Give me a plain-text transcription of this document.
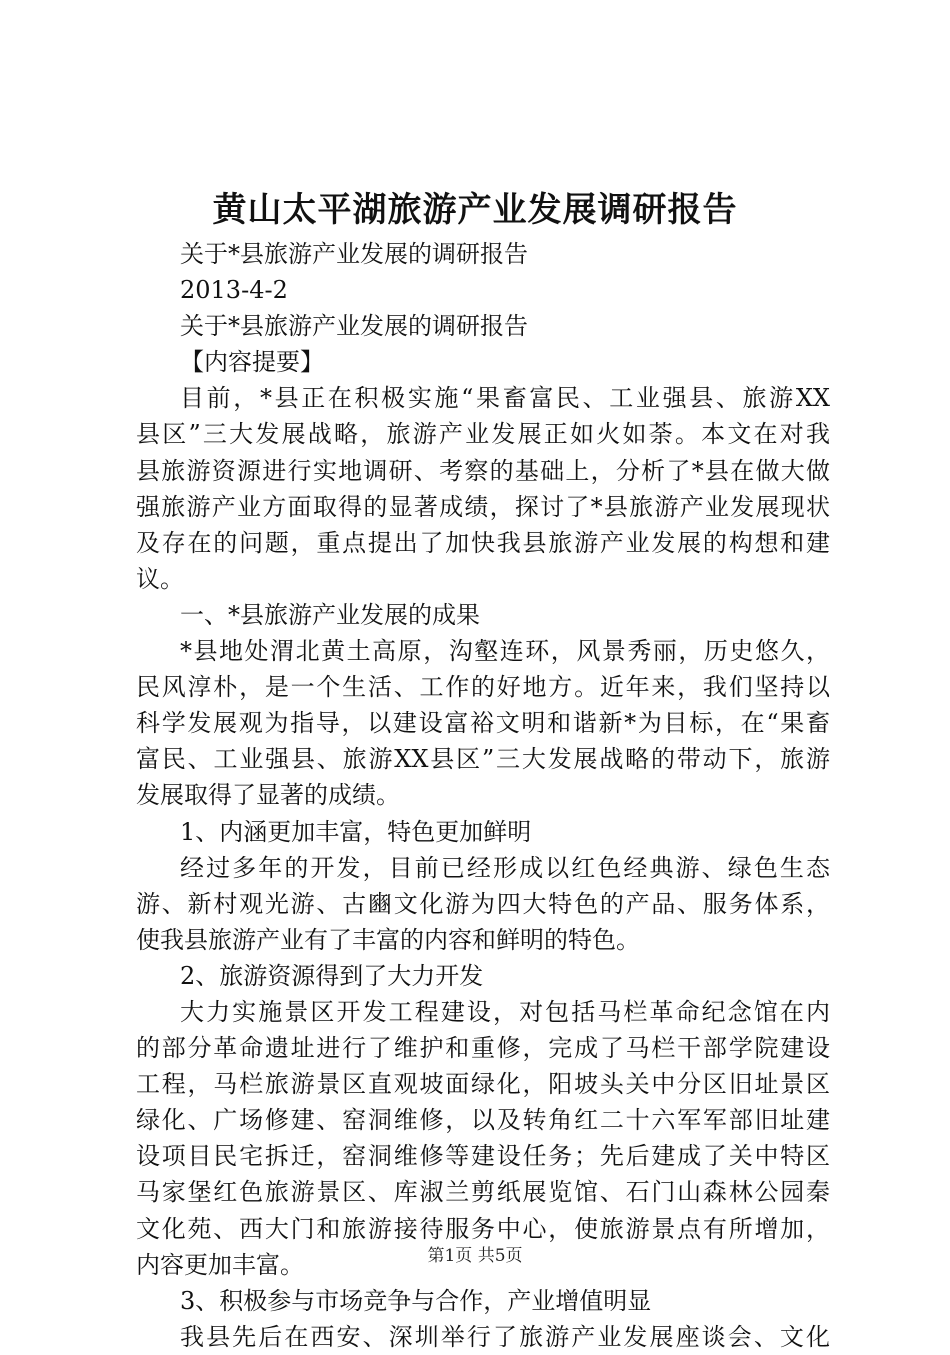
黄山太平湖旅游产业发展调研报告
关于*县旅游产业发展的调研报告
2013-4-2
关于*县旅游产业发展的调研报告
【内容提要】
目前，*县正在积极实施“果畜富民、工业强县、旅游XX
县区”三大发展战略，旅游产业发展正如火如荼。本文在对我
县旅游资源进行实地调研、考察的基础上，分析了*县在做大做
强旅游产业方面取得的显著成绩，探讨了*县旅游产业发展现状
及存在的问题，重点提出了加快我县旅游产业发展的构想和建
议。
一、*县旅游产业发展的成果
*县地处渭北黄土高原，沟壑连环，风景秀丽，历史悠久，
民风淳朴，是一个生活、工作的好地方。近年来，我们坚持以
科学发展观为指导，以建设富裕文明和谐新*为目标，在“果畜
富民、工业强县、旅游XX县区”三大发展战略的带动下，旅游
发展取得了显著的成绩。
1、内涵更加丰富，特色更加鲜明
经过多年的开发，目前已经形成以红色经典游、绿色生态
游、新村观光游、古豳文化游为四大特色的产品、服务体系，
使我县旅游产业有了丰富的内容和鲜明的特色。
2、旅游资源得到了大力开发
大力实施景区开发工程建设，对包括马栏革命纪念馆在内
的部分革命遗址进行了维护和重修，完成了马栏干部学院建设
工程，马栏旅游景区直观坡面绿化，阳坡头关中分区旧址景区
绿化、广场修建、窑洞维修，以及转角红二十六军军部旧址建
设项目民宅拆迁，窑洞维修等建设任务；先后建成了关中特区
马家堡红色旅游景区、库淑兰剪纸展览馆、石门山森林公园秦
文化苑、西大门和旅游接待服务中心，使旅游景点有所增加，
内容更加丰富。
3、积极参与市场竞争与合作，产业增值明显
我县先后在西安、深圳举行了旅游产业发展座谈会、文化
第1页 共5页
